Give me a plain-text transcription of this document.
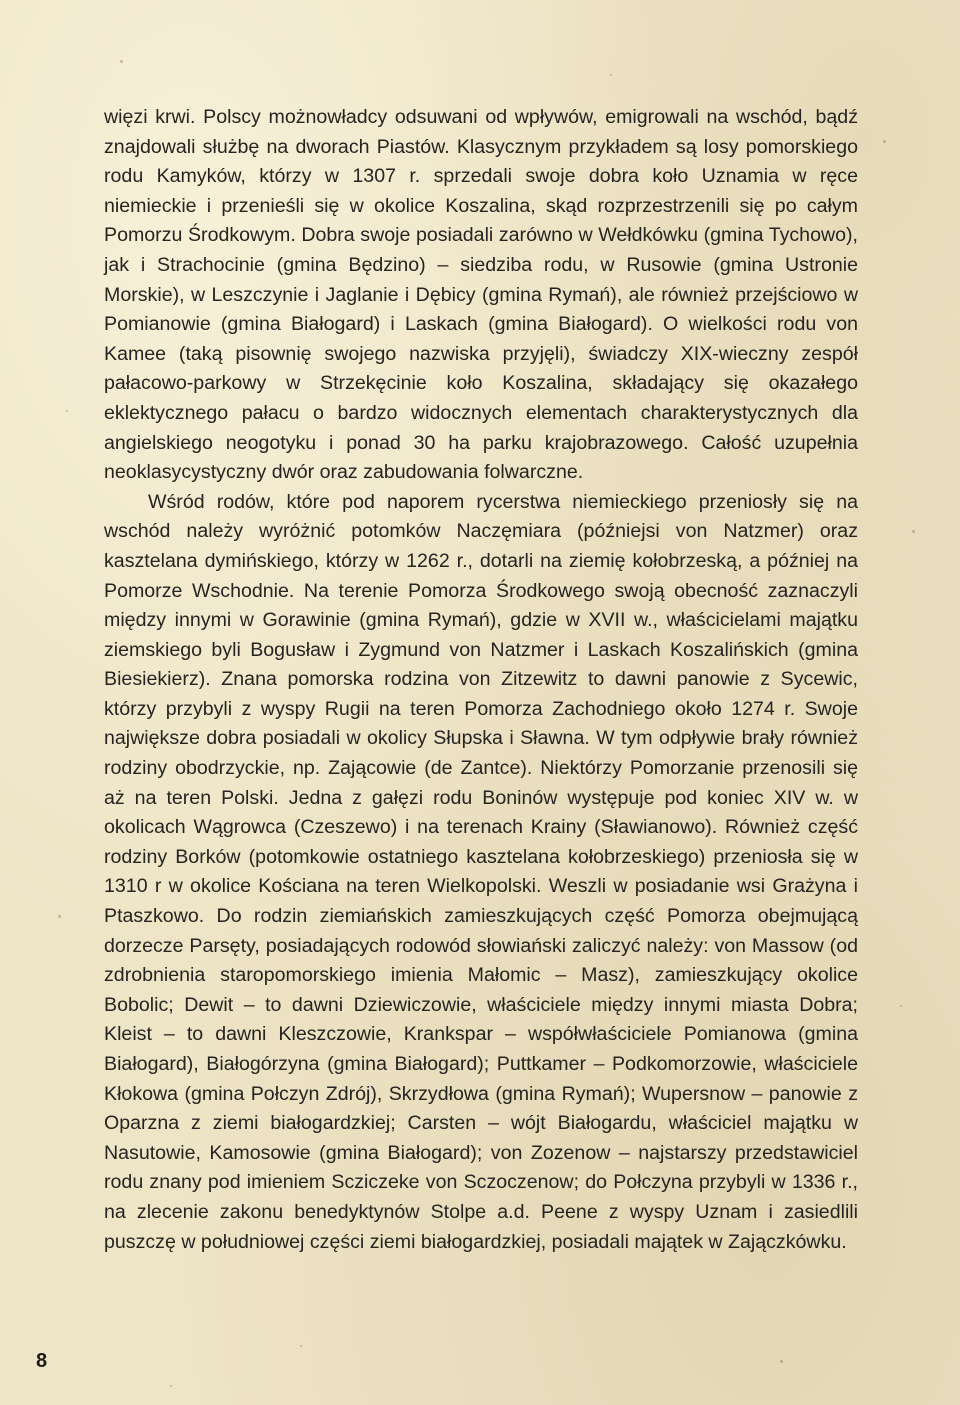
więzi krwi. Polscy możnowładcy odsuwani od wpływów, emigrowali na wschód, bądź znajdowali służbę na dworach Piastów. Klasycznym przykładem są losy pomorskiego rodu Kamyków, którzy w 1307 r. sprzedali swoje dobra koło Uznamia w ręce niemieckie i przenieśli się w okolice Koszalina, skąd rozprzestrzenili się po całym Pomorzu Środkowym. Dobra swoje posiadali zarówno w Wełdkówku (gmina Tychowo), jak i Strachocinie (gmina Będzino) – siedziba rodu, w Rusowie (gmina Ustronie Morskie), w Leszczynie i Jaglanie i Dębicy (gmina Rymań), ale również przejściowo w Pomianowie (gmina Białogard) i Laskach (gmina Białogard). O wielkości rodu von Kamee (taką pisownię swojego nazwiska przyjęli), świadczy XIX-wieczny zespół pałacowo-parkowy w Strzekęcinie koło Koszalina, składający się okazałego eklektycznego pałacu o bardzo widocznych elementach charakterystycznych dla angielskiego neogotyku i ponad 30 ha parku krajobrazowego. Całość uzupełnia neoklasycystyczny dwór oraz zabudowania folwarczne.

Wśród rodów, które pod naporem rycerstwa niemieckiego przeniosły się na wschód należy wyróżnić potomków Naczęmiara (późniejsi von Natzmer) oraz kasztelana dymińskiego, którzy w 1262 r., dotarli na ziemię kołobrzeską, a później na Pomorze Wschodnie. Na terenie Pomorza Środkowego swoją obecność zaznaczyli między innymi w Gorawinie (gmina Rymań), gdzie w XVII w., właścicielami majątku ziemskiego byli Bogusław i Zygmund von Natzmer i Laskach Koszalińskich (gmina Biesiekierz). Znana pomorska rodzina von Zitzewitz to dawni panowie z Sycewic, którzy przybyli z wyspy Rugii na teren Pomorza Zachodniego około 1274 r. Swoje największe dobra posiadali w okolicy Słupska i Sławna. W tym odpływie brały również rodziny obodrzyckie, np. Zającowie (de Zantce). Niektórzy Pomorzanie przenosili się aż na teren Polski. Jedna z gałęzi rodu Boninów występuje pod koniec XIV w. w okolicach Wągrowca (Czeszewo) i na terenach Krainy (Sławianowo). Również część rodziny Borków (potomkowie ostatniego kasztelana kołobrzeskiego) przeniosła się w 1310 r w okolice Kościana na teren Wielkopolski. Weszli w posiadanie wsi Grażyna i Ptaszkowo. Do rodzin ziemiańskich zamieszkujących część Pomorza obejmującą dorzecze Parsęty, posiadających rodowód słowiański zaliczyć należy: von Massow (od zdrobnienia staropomorskiego imienia Małomic – Masz), zamieszkujący okolice Bobolic; Dewit – to dawni Dziewiczowie, właściciele między innymi miasta Dobra; Kleist – to dawni Kleszczowie, Krankspar – współwłaściciele Pomianowa (gmina Białogard), Białogórzyna (gmina Białogard); Puttkamer – Podkomorzowie, właściciele Kłokowa (gmina Połczyn Zdrój), Skrzydłowa (gmina Rymań); Wupersnow – panowie z Oparzna z ziemi białogardzkiej; Carsten – wójt Białogardu, właściciel majątku w Nasutowie, Kamosowie (gmina Białogard); von Zozenow – najstarszy przedstawiciel rodu znany pod imieniem Scziczeke von Sczoczenow; do Połczyna przybyli w 1336 r., na zlecenie zakonu benedyktynów Stolpe a.d. Peene z wyspy Uznam i zasiedlili puszczę w południowej części ziemi białogardzkiej, posiadali majątek w Zajączkówku.

8
